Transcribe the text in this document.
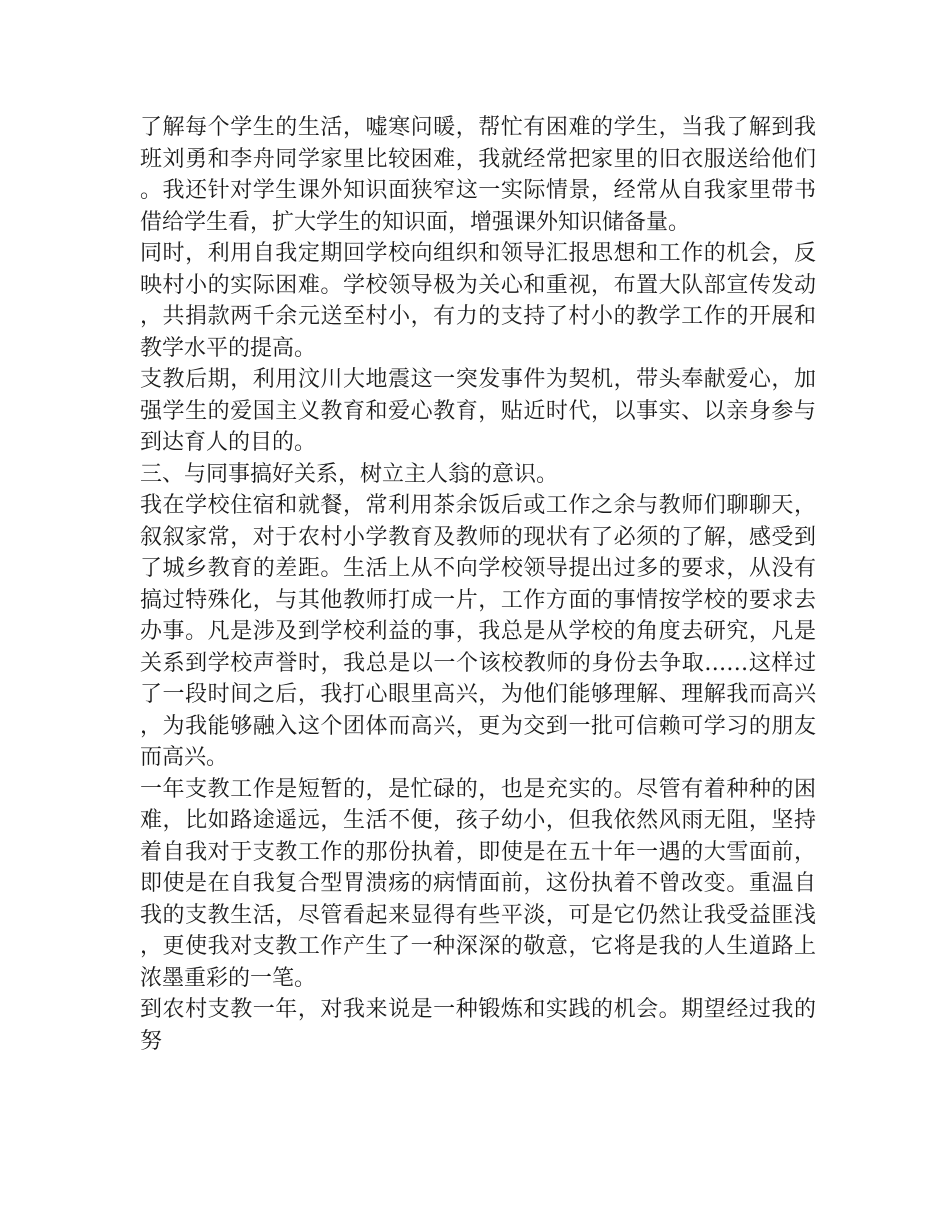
了解每个学生的生活，嘘寒问暖，帮忙有困难的学生，当我了解到我班刘勇和李舟同学家里比较困难，我就经常把家里的旧衣服送给他们。我还针对学生课外知识面狭窄这一实际情景，经常从自我家里带书借给学生看，扩大学生的知识面，增强课外知识储备量。

同时，利用自我定期回学校向组织和领导汇报思想和工作的机会，反映村小的实际困难。学校领导极为关心和重视，布置大队部宣传发动，共捐款两千余元送至村小，有力的支持了村小的教学工作的开展和教学水平的提高。

支教后期，利用汶川大地震这一突发事件为契机，带头奉献爱心，加强学生的爱国主义教育和爱心教育，贴近时代，以事实、以亲身参与到达育人的目的。

三、与同事搞好关系，树立主人翁的意识。

我在学校住宿和就餐，常利用茶余饭后或工作之余与教师们聊聊天，叙叙家常，对于农村小学教育及教师的现状有了必须的了解，感受到了城乡教育的差距。生活上从不向学校领导提出过多的要求，从没有搞过特殊化，与其他教师打成一片，工作方面的事情按学校的要求去办事。凡是涉及到学校利益的事，我总是从学校的角度去研究，凡是关系到学校声誉时，我总是以一个该校教师的身份去争取……这样过了一段时间之后，我打心眼里高兴，为他们能够理解、理解我而高兴，为我能够融入这个团体而高兴，更为交到一批可信赖可学习的朋友而高兴。

一年支教工作是短暂的，是忙碌的，也是充实的。尽管有着种种的困难，比如路途遥远，生活不便，孩子幼小，但我依然风雨无阻，坚持着自我对于支教工作的那份执着，即使是在五十年一遇的大雪面前，即使是在自我复合型胃溃疡的病情面前，这份执着不曾改变。重温自我的支教生活，尽管看起来显得有些平淡，可是它仍然让我受益匪浅，更使我对支教工作产生了一种深深的敬意，它将是我的人生道路上浓墨重彩的一笔。

到农村支教一年，对我来说是一种锻炼和实践的机会。期望经过我的努
